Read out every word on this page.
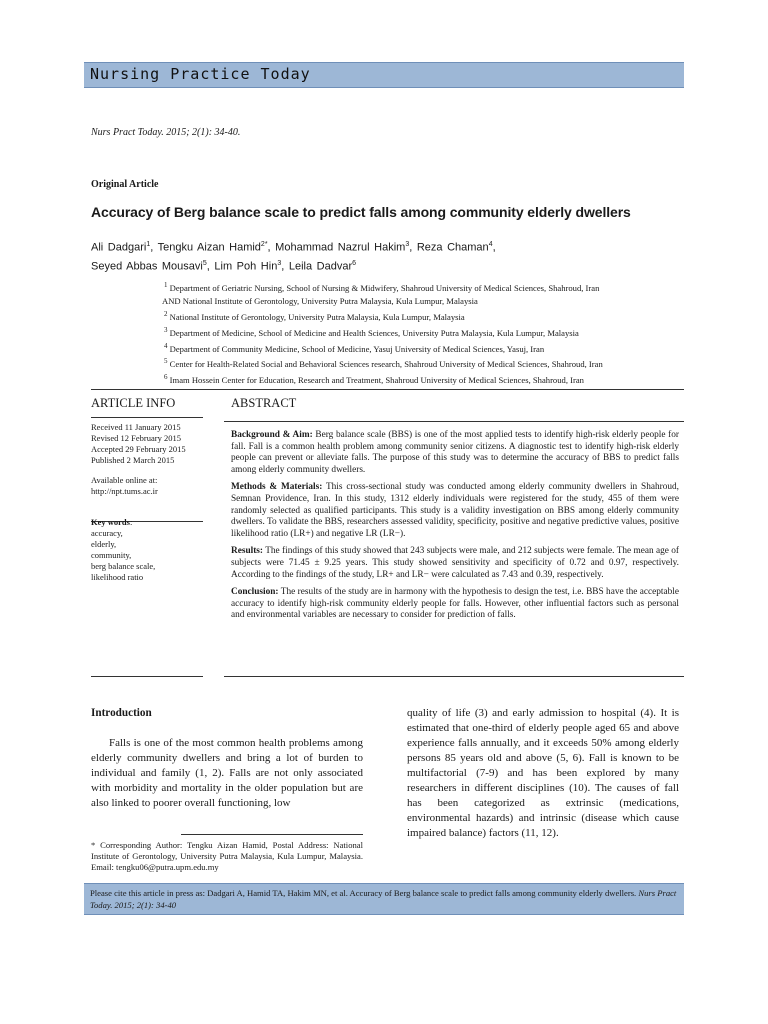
Nursing Practice Today
Nurs Pract Today. 2015; 2(1): 34-40.
Original Article
Accuracy of Berg balance scale to predict falls among community elderly dwellers
Ali Dadgari$^1$, Tengku Aizan Hamid$^{2*}$, Mohammad Nazrul Hakim$^3$, Reza Chaman$^4$,
Seyed Abbas Mousavi$^5$, Lim Poh Hin$^3$, Leila Dadvar$^6$
$^1$ Department of Geriatric Nursing, School of Nursing & Midwifery, Shahroud University of Medical Sciences, Shahroud, Iran
AND National Institute of Gerontology, University Putra Malaysia, Kula Lumpur, Malaysia
$^2$ National Institute of Gerontology, University Putra Malaysia, Kula Lumpur, Malaysia
$^3$ Department of Medicine, School of Medicine and Health Sciences, University Putra Malaysia, Kula Lumpur, Malaysia
$^4$ Department of Community Medicine, School of Medicine, Yasuj University of Medical Sciences, Yasuj, Iran
$^5$ Center for Health-Related Social and Behavioral Sciences research, Shahroud University of Medical Sciences, Shahroud, Iran
$^6$ Imam Hossein Center for Education, Research and Treatment, Shahroud University of Medical Sciences, Shahroud, Iran
ARTICLE INFO	ABSTRACT
Received 11 January 2015
Revised 12 February 2015
Accepted 29 February 2015
Published 2 March 2015
Available online at:
http://npt.tums.ac.ir
Key words:
accuracy,
elderly,
community,
berg balance scale,
likelihood ratio

Background & Aim: Berg balance scale (BBS) is one of the most applied tests to identify high-risk elderly people for fall. Fall is a common health problem among community senior citizens. A diagnostic test to identify high-risk elderly people can prevent or alleviate falls. The purpose of this study was to determine the accuracy of BBS to predict falls among elderly community dwellers.

Methods & Materials: This cross-sectional study was conducted among elderly community dwellers in Shahroud, Semnan Providence, Iran. In this study, 1312 elderly individuals were registered for the study, 455 of them were randomly selected as qualified participants. This study is a validity investigation on BBS among elderly community dwellers. To validate the BBS, researchers assessed validity, specificity, positive and negative predictive values, positive likelihood ratio (LR+) and negative LR (LR−).

Results: The findings of this study showed that 243 subjects were male, and 212 subjects were female. The mean age of subjects were 71.45 ± 9.25 years. This study showed sensitivity and specificity of 0.72 and 0.97, respectively. According to the findings of the study, LR+ and LR− were calculated as 7.43 and 0.39, respectively.

Conclusion: The results of the study are in harmony with the hypothesis to design the test, i.e. BBS have the acceptable accuracy to identify high-risk community elderly people for falls. However, other influential factors such as personal and environmental variables are necessary to consider for prediction of falls.

Introduction

Falls is one of the most common health problems among elderly community dwellers and bring a lot of burden to individual and family (1, 2). Falls are not only associated with morbidity and mortality in the older population but are also linked to poorer overall functioning, low

quality of life (3) and early admission to hospital (4). It is estimated that one-third of elderly people aged 65 and above experience falls annually, and it exceeds 50% among elderly persons 85 years old and above (5, 6). Fall is known to be multifactorial (7-9) and has been explored by many researchers in different disciplines (10). The causes of fall has been categorized as extrinsic (medications, environmental hazards) and intrinsic (disease which cause impaired balance) factors (11, 12).

* Corresponding Author: Tengku Aizan Hamid, Postal Address: National Institute of Gerontology, University Putra Malaysia, Kula Lumpur, Malaysia. Email: tengku06@putra.upm.edu.my
Please cite this article in press as: Dadgari A, Hamid TA, Hakim MN, et al. Accuracy of Berg balance scale to predict falls among community elderly dwellers. Nurs Pract Today. 2015; 2(1): 34-40
